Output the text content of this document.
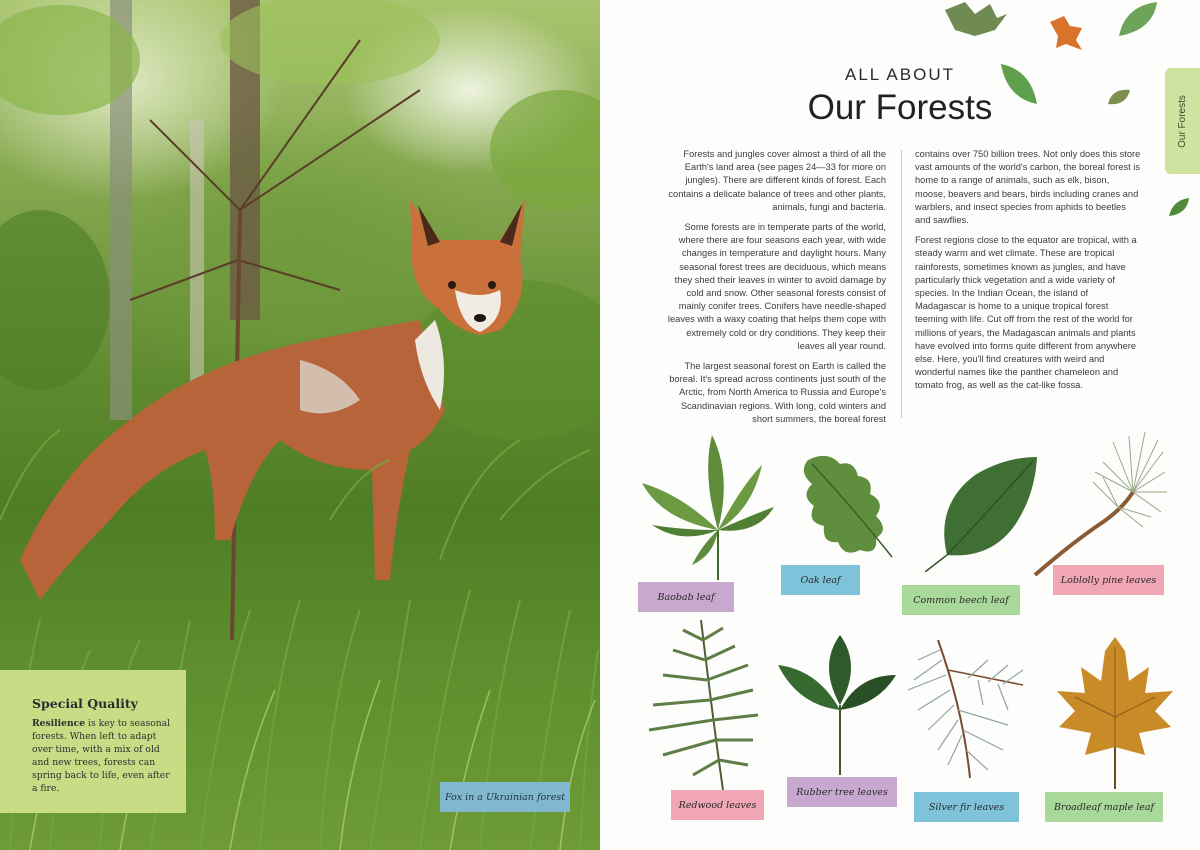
Special Quality
Resilience is key to seasonal forests. When left to adapt over time, with a mix of old and new trees, forests can spring back to life, even after a fire.
Fox in a Ukrainian forest
ALL ABOUT
Our Forests	Our Forests

Forests and jungles cover almost a third of all the Earth's land area (see pages 24—33 for more on jungles). There are different kinds of forest. Each contains a delicate balance of trees and other plants, animals, fungi and bacteria.

Some forests are in temperate parts of the world, where there are four seasons each year, with wide changes in temperature and daylight hours. Many seasonal forest trees are deciduous, which means they shed their leaves in winter to avoid damage by cold and snow. Other seasonal forests consist of mainly conifer trees. Conifers have needle-shaped leaves with a waxy coating that helps them cope with extremely cold or dry conditions. They keep their leaves all year round.

The largest seasonal forest on Earth is called the boreal. It's spread across continents just south of the Arctic, from North America to Russia and Europe's Scandinavian regions. With long, cold winters and short summers, the boreal forest

contains over 750 billion trees. Not only does this store vast amounts of the world's carbon, the boreal forest is home to a range of animals, such as elk, bison, moose, beavers and bears, birds including cranes and warblers, and insect species from aphids to beetles and sawflies.

Forest regions close to the equator are tropical, with a steady warm and wet climate. These are tropical rainforests, sometimes known as jungles, and have particularly thick vegetation and a wide variety of species. In the Indian Ocean, the island of Madagascar is home to a unique tropical forest teeming with life. Cut off from the rest of the world for millions of years, the Madagascan animals and plants have evolved into forms quite different from anywhere else. Here, you'll find creatures with weird and wonderful names like the panther chameleon and tomato frog, as well as the cat-like fossa.

Baobab leaf
Oak leaf
Common beech leaf
Loblolly pine leaves
Redwood leaves
Rubber tree leaves
Silver fir leaves	Broadleaf maple leaf
